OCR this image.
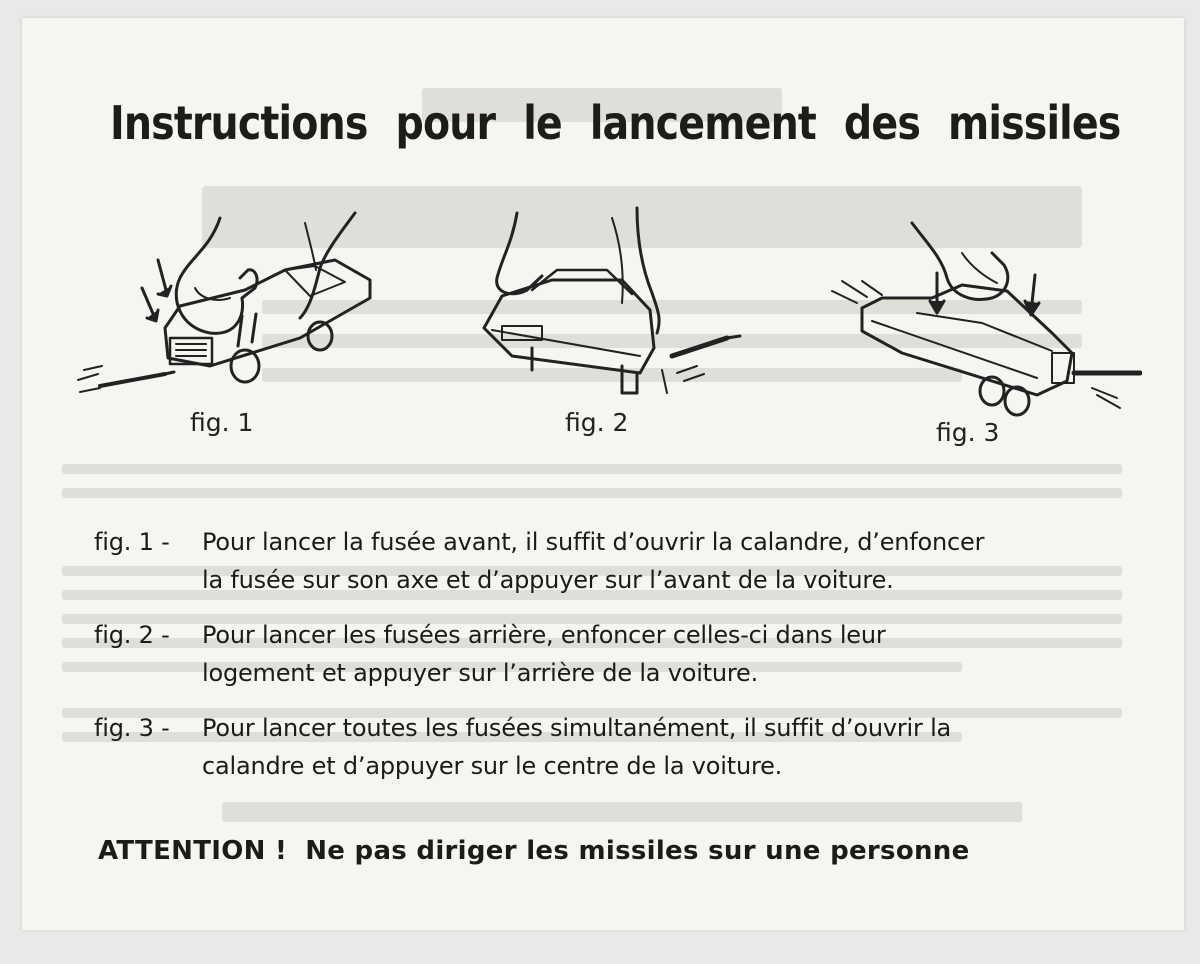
Instructions pour le lancement des missiles
fig. 1	fig. 2	fig. 3
fig. 1 - Pour lancer la fusée avant, il suffit d’ouvrir la calandre, d’enfoncer
la fusée sur son axe et d’appuyer sur l’avant de la voiture.
fig. 2 - Pour lancer les fusées arrière, enfoncer celles-ci dans leur
logement et appuyer sur l’arrière de la voiture.
fig. 3 - Pour lancer toutes les fusées simultanément, il suffit d’ouvrir la
calandre et d’appuyer sur le centre de la voiture.
ATTENTION ! Ne pas diriger les missiles sur une personne
